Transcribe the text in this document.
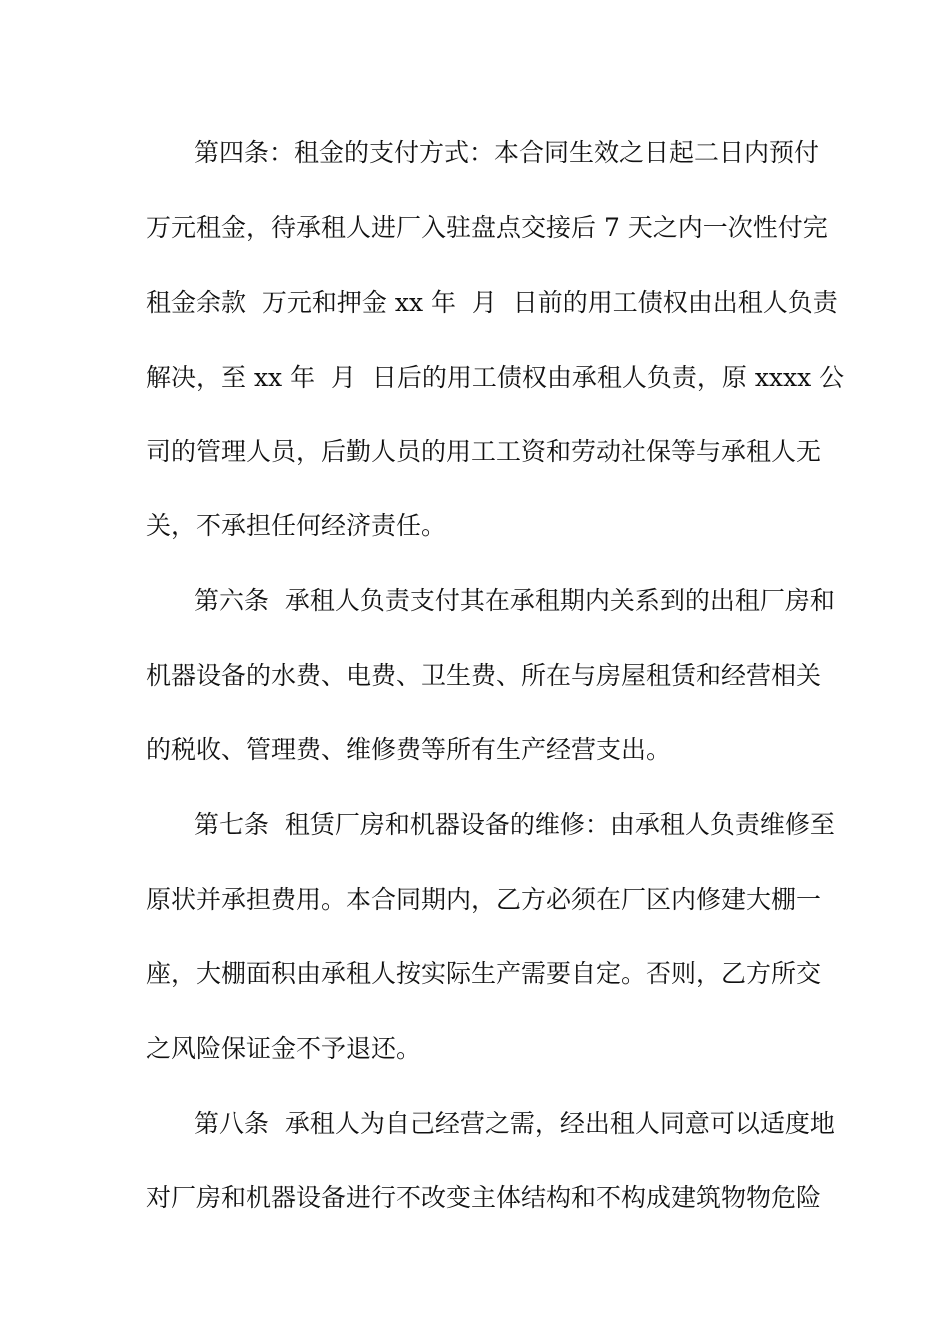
第四条：租金的支付方式：本合同生效之日起二日内预付
万元租金，待承租人进厂入驻盘点交接后 7 天之内一次性付完
租金余款  万元和押金 xx 年  月  日前的用工债权由出租人负责
解决，至 xx 年  月  日后的用工债权由承租人负责，原 xxxx 公
司的管理人员，后勤人员的用工工资和劳动社保等与承租人无
关，不承担任何经济责任。
第六条  承租人负责支付其在承租期内关系到的出租厂房和
机器设备的水费、电费、卫生费、所在与房屋租赁和经营相关
的税收、管理费、维修费等所有生产经营支出。
第七条  租赁厂房和机器设备的维修：由承租人负责维修至
原状并承担费用。本合同期内，乙方必须在厂区内修建大棚一
座，大棚面积由承租人按实际生产需要自定。否则，乙方所交
之风险保证金不予退还。
第八条  承租人为自己经营之需，经出租人同意可以适度地
对厂房和机器设备进行不改变主体结构和不构成建筑物物危险
